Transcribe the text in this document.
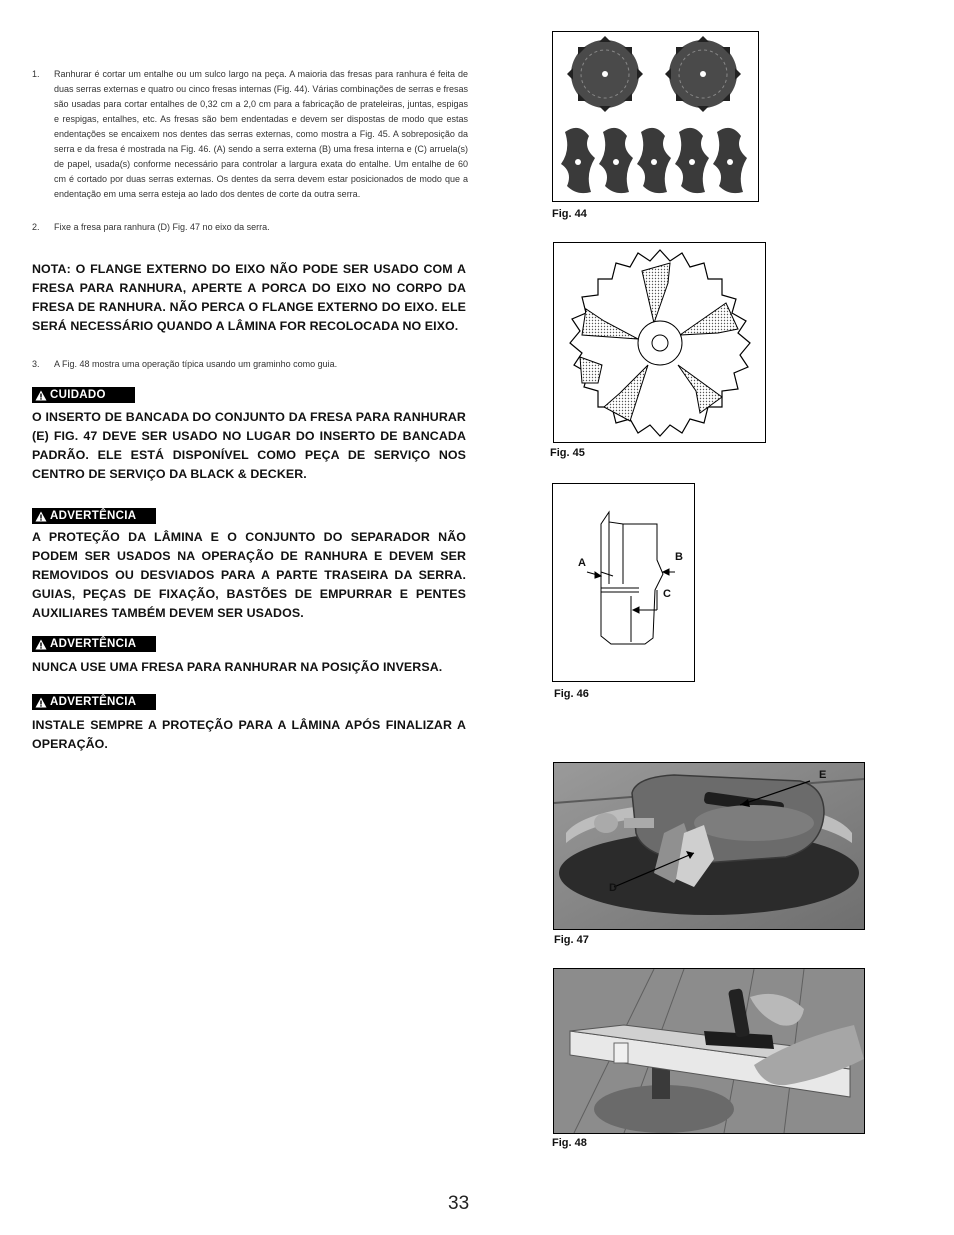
1. Ranhurar é cortar um entalhe ou um sulco largo na peça. A maioria das fresas para ranhura é feita de duas serras externas e quatro ou cinco fresas internas (Fig. 44). Várias combinações de serras e fresas são usadas para cortar entalhes de 0,32 cm a 2,0 cm para a fabricação de prateleiras, juntas, espigas e respigas, entalhes, etc. As fresas são bem endentadas e devem ser dispostas de modo que estas endentações se encaixem nos dentes das serras externas, como mostra a Fig. 45. A sobreposição da serra e da fresa é mostrada na Fig. 46. (A) sendo a serra externa (B) uma fresa interna e (C) arruela(s) de papel, usada(s) conforme necessário para controlar a largura exata do entalhe. Um entalhe de 60 cm é cortado por duas serras externas. Os dentes da serra devem estar posicionados de modo que a endentação em uma serra esteja ao lado dos dentes de corte da outra serra.
2. Fixe a fresa para ranhura (D) Fig. 47 no eixo da serra.
NOTA: O FLANGE EXTERNO DO EIXO NÃO PODE SER USADO COM A FRESA PARA RANHURA, APERTE A PORCA DO EIXO NO CORPO DA FRESA DE RANHURA. NÃO PERCA O FLANGE EXTERNO DO EIXO. ELE SERÁ NECESSÁRIO QUANDO A LÂMINA FOR RECOLOCADA NO EIXO.
3. A Fig. 48 mostra uma operação típica usando um graminho como guia.
CUIDADO
O INSERTO DE BANCADA DO CONJUNTO DA FRESA PARA RANHURAR (E) FIG. 47 DEVE SER USADO NO LUGAR DO INSERTO DE BANCADA PADRÃO. ELE ESTÁ DISPONÍVEL COMO PEÇA DE SERVIÇO NOS CENTRO DE SERVIÇO DA BLACK & DECKER.
ADVERTÊNCIA
A PROTEÇÃO DA LÂMINA E O CONJUNTO DO SEPARADOR NÃO PODEM SER USADOS NA OPERAÇÃO DE RANHURA E DEVEM SER REMOVIDOS OU DESVIADOS PARA A PARTE TRASEIRA DA SERRA. GUIAS, PEÇAS DE FIXAÇÃO, BASTÕES DE EMPURRAR E PENTES AUXILIARES TAMBÉM DEVEM SER USADOS.
ADVERTÊNCIA
NUNCA USE UMA FRESA PARA RANHURAR NA POSIÇÃO INVERSA.
ADVERTÊNCIA
INSTALE SEMPRE A PROTEÇÃO PARA A LÂMINA APÓS FINALIZAR A OPERAÇÃO.
Fig. 44
Fig. 45
A	B
C
Fig. 46
E
D
Fig. 47
Fig. 48
33
